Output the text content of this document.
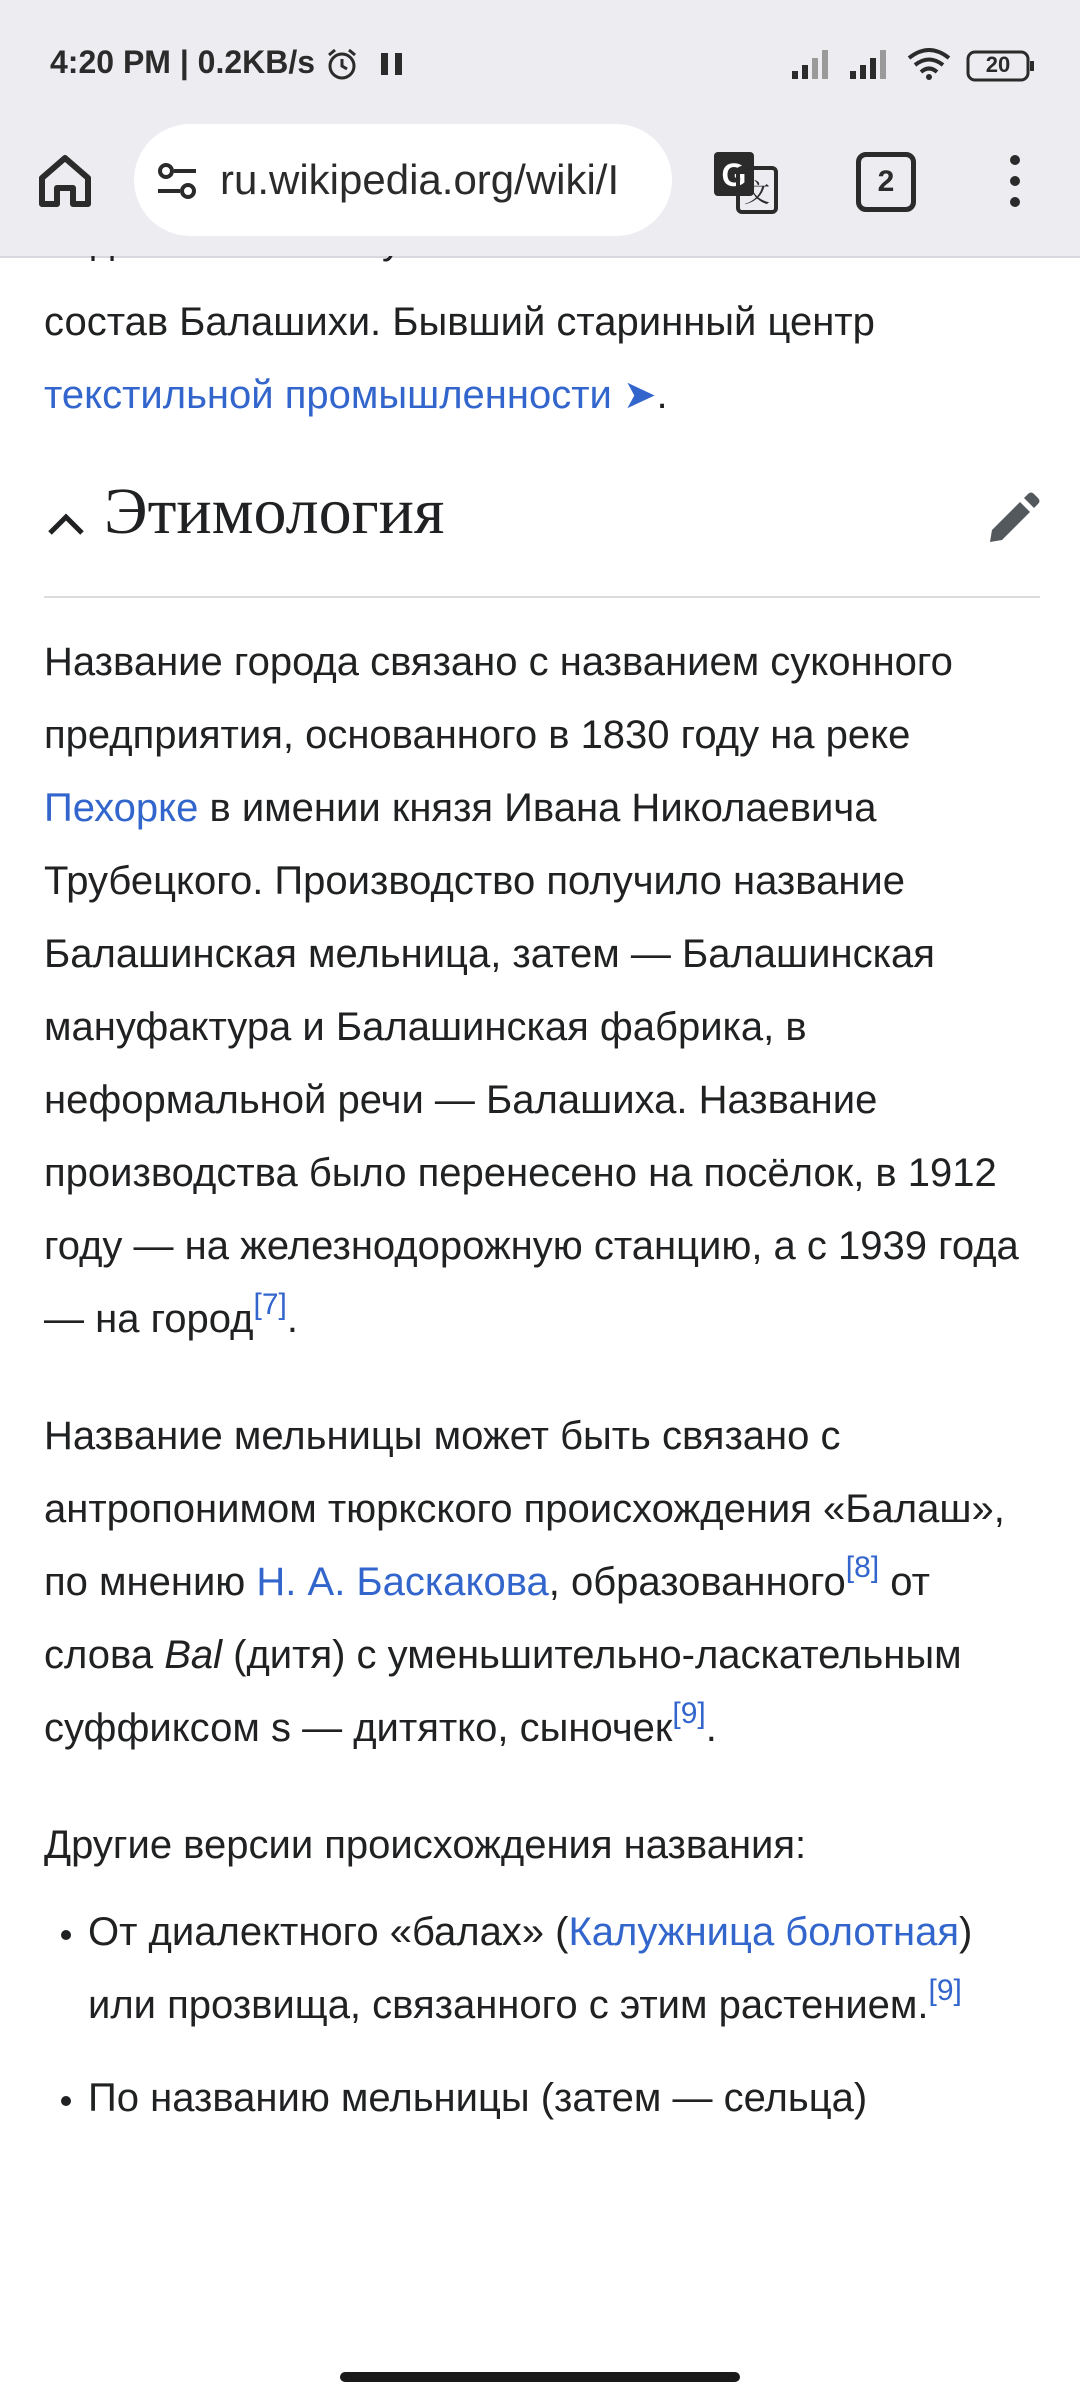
4:20 PM | 0.2KB/s	20
ru.wikipedia.org/wiki/I	G
文	2

состав Балашихи. Бывший старинный центр
текстильной промышленности ➤.

Этимология

Название города связано с названием суконного предприятия, основанного в 1830 году на реке Пехорке в имении князя Ивана Николаевича Трубецкого. Производство получило название Балашинская мельница, затем — Балашинская мануфактура и Балашинская фабрика, в неформальной речи — Балашиха. Название производства было перенесено на посёлок, в 1912 году — на железнодорожную станцию, а с 1939 года — на город[7].

Название мельницы может быть связано с антропонимом тюркского происхождения «Балаш», по мнению Н. А. Баскакова, образованного[8] от слова Bal (дитя) с уменьшительно-ласкательным суффиксом s — дитятко, сыночек[9].

Другие версии происхождения названия:

• От диалектного «балах» (Калужница болотная) или прозвища, связанного с этим растением.[9]
• По названию мельницы (затем — сельца)
